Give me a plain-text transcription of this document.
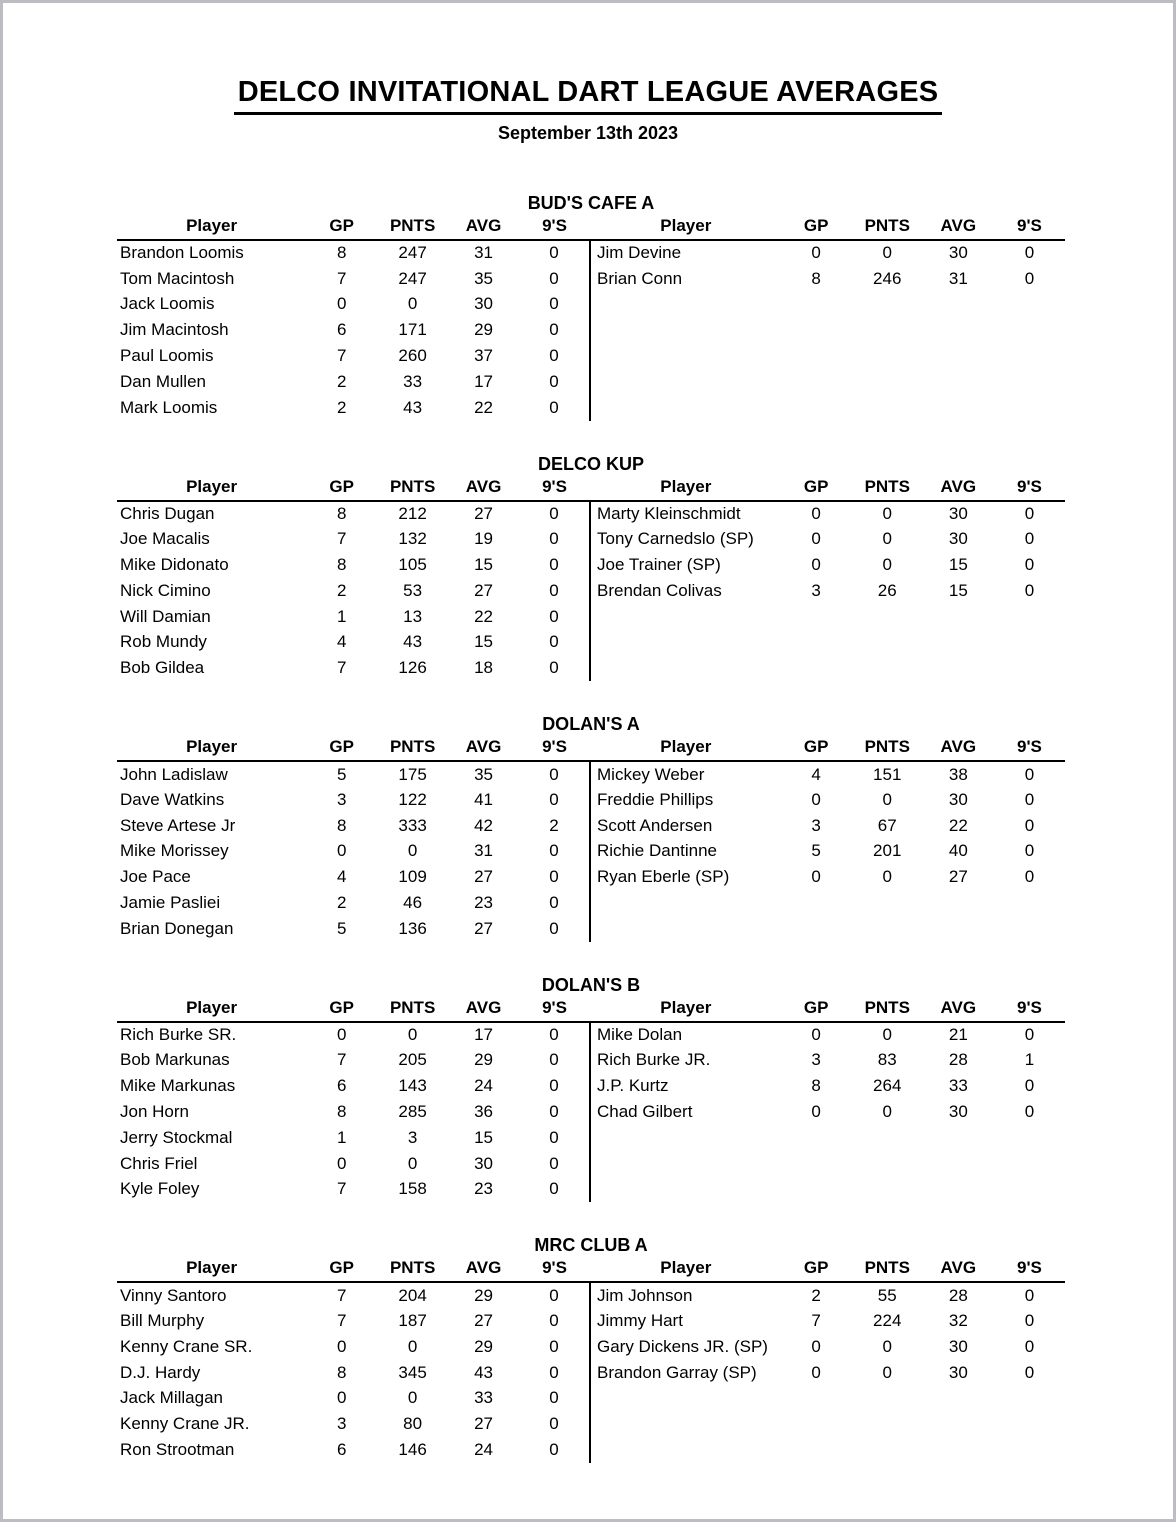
DELCO INVITATIONAL DART LEAGUE AVERAGES
September 13th 2023
BUD'S CAFE A
Player	GP	PNTS	AVG	9'S
Brandon Loomis	8	247	31	0
Tom Macintosh	7	247	35	0
Jack Loomis	0	0	30	0
Jim Macintosh	6	171	29	0
Paul Loomis	7	260	37	0
Dan Mullen	2	33	17	0
Mark Loomis	2	43	22	0
Player	GP	PNTS	AVG	9'S
Jim Devine	0	0	30	0
Brian Conn	8	246	31	0
DELCO KUP
Player	GP	PNTS	AVG	9'S
Chris Dugan	8	212	27	0
Joe Macalis	7	132	19	0
Mike Didonato	8	105	15	0
Nick Cimino	2	53	27	0
Will Damian	1	13	22	0
Rob Mundy	4	43	15	0
Bob Gildea	7	126	18	0
Player	GP	PNTS	AVG	9'S
Marty Kleinschmidt	0	0	30	0
Tony Carnedslo (SP)	0	0	30	0
Joe Trainer (SP)	0	0	15	0
Brendan Colivas	3	26	15	0
DOLAN'S A
Player	GP	PNTS	AVG	9'S
John Ladislaw	5	175	35	0
Dave Watkins	3	122	41	0
Steve Artese Jr	8	333	42	2
Mike Morissey	0	0	31	0
Joe Pace	4	109	27	0
Jamie Pasliei	2	46	23	0
Brian Donegan	5	136	27	0
Player	GP	PNTS	AVG	9'S
Mickey Weber	4	151	38	0
Freddie Phillips	0	0	30	0
Scott Andersen	3	67	22	0
Richie Dantinne	5	201	40	0
Ryan Eberle (SP)	0	0	27	0
DOLAN'S B
Player	GP	PNTS	AVG	9'S
Rich Burke SR.	0	0	17	0
Bob Markunas	7	205	29	0
Mike Markunas	6	143	24	0
Jon Horn	8	285	36	0
Jerry Stockmal	1	3	15	0
Chris Friel	0	0	30	0
Kyle Foley	7	158	23	0
Player	GP	PNTS	AVG	9'S
Mike Dolan	0	0	21	0
Rich Burke JR.	3	83	28	1
J.P. Kurtz	8	264	33	0
Chad Gilbert	0	0	30	0
MRC CLUB A
Player	GP	PNTS	AVG	9'S
Vinny Santoro	7	204	29	0
Bill Murphy	7	187	27	0
Kenny Crane SR.	0	0	29	0
D.J. Hardy	8	345	43	0
Jack Millagan	0	0	33	0
Kenny Crane JR.	3	80	27	0
Ron Strootman	6	146	24	0
Player	GP	PNTS	AVG	9'S
Jim Johnson	2	55	28	0
Jimmy Hart	7	224	32	0
Gary Dickens JR. (SP)	0	0	30	0
Brandon Garray (SP)	0	0	30	0
